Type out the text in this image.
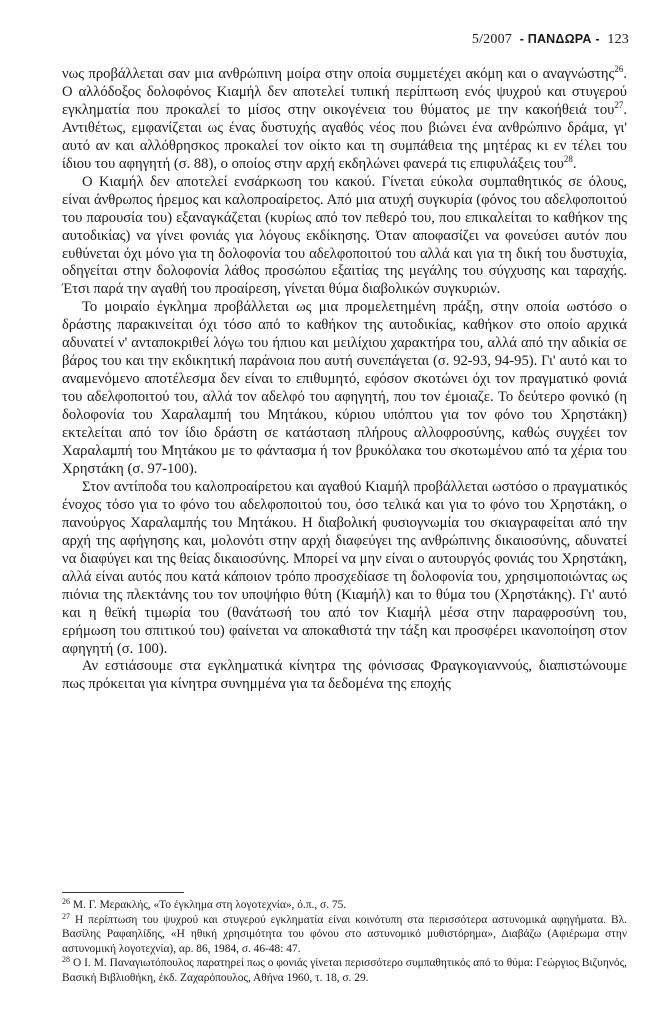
5/2007 - ΠΑΝΔΩΡΑ - 123

νως προβάλλεται σαν μια ανθρώπινη μοίρα στην οποία συμμετέχει ακόμη και ο αναγνώστης$^{26}$. Ο αλλόδοξος δολοφόνος Κιαμήλ δεν αποτελεί τυπική περίπτωση ενός ψυχρού και στυγερού εγκληματία που προκαλεί το μίσος στην οικογένεια του θύματος με την κακοήθειά του$^{27}$. Αντιθέτως, εμφανίζεται ως ένας δυστυχής αγαθός νέος που βιώνει ένα ανθρώπινο δράμα, γι' αυτό αν και αλλόθρησκος προκαλεί τον οίκτο και τη συμπάθεια της μητέρας κι εν τέλει του ίδιου του αφηγητή (σ. 88), ο οποίος στην αρχή εκδηλώνει φανερά τις επιφυλάξεις του$^{28}$.

Ο Κιαμήλ δεν αποτελεί ενσάρκωση του κακού. Γίνεται εύκολα συμπαθητικός σε όλους, είναι άνθρωπος ήρεμος και καλοπροαίρετος. Από μια ατυχή συγκυρία (φόνος του αδελφοποιτού του παρουσία του) εξαναγκάζεται (κυρίως από τον πεθερό του, που επικαλείται το καθήκον της αυτοδικίας) να γίνει φονιάς για λόγους εκδίκησης. Όταν αποφασίζει να φονεύσει αυτόν που ευθύνεται όχι μόνο για τη δολοφονία του αδελφοποιτού του αλλά και για τη δική του δυστυχία, οδηγείται στην δολοφονία λάθος προσώπου εξαιτίας της μεγάλης του σύγχυσης και ταραχής. Έτσι παρά την αγαθή του προαίρεση, γίνεται θύμα διαβολικών συγκυριών.

Το μοιραίο έγκλημα προβάλλεται ως μια προμελετημένη πράξη, στην οποία ωστόσο ο δράστης παρακινείται όχι τόσο από το καθήκον της αυτοδικίας, καθήκον στο οποίο αρχικά αδυνατεί ν' ανταποκριθεί λόγω του ήπιου και μειλίχιου χαρακτήρα του, αλλά από την αδικία σε βάρος του και την εκδικητική παράνοια που αυτή συνεπάγεται (σ. 92-93, 94-95). Γι' αυτό και το αναμενόμενο αποτέλεσμα δεν είναι το επιθυμητό, εφόσον σκοτώνει όχι τον πραγματικό φονιά του αδελφοποιτού του, αλλά τον αδελφό του αφηγητή, που τον έμοιαζε. Το δεύτερο φονικό (η δολοφονία του Χαραλαμπή του Μητάκου, κύριου υπόπτου για τον φόνο του Χρηστάκη) εκτελείται από τον ίδιο δράστη σε κατάσταση πλήρους αλλοφροσύνης, καθώς συγχέει τον Χαραλαμπή του Μητάκου με το φάντασμα ή τον βρυκόλακα του σκοτωμένου από τα χέρια του Χρηστάκη (σ. 97-100).

Στον αντίποδα του καλοπροαίρετου και αγαθού Κιαμήλ προβάλλεται ωστόσο ο πραγματικός ένοχος τόσο για το φόνο του αδελφοποιτού του, όσο τελικά και για το φόνο του Χρηστάκη, ο πανούργος Χαραλαμπής του Μητάκου. Η διαβολική φυσιογνωμία του σκιαγραφείται από την αρχή της αφήγησης και, μολονότι στην αρχή διαφεύγει της ανθρώπινης δικαιοσύνης, αδυνατεί να διαφύγει και της θείας δικαιοσύνης. Μπορεί να μην είναι ο αυτουργός φονιάς του Χρηστάκη, αλλά είναι αυτός που κατά κάποιον τρόπο προσχεδίασε τη δολοφονία του, χρησιμοποιώντας ως πιόνια της πλεκτάνης του τον υποψήφιο θύτη (Κιαμήλ) και το θύμα του (Χρηστάκης). Γι' αυτό και η θεϊκή τιμωρία του (θανάτωσή του από τον Κιαμήλ μέσα στην παραφροσύνη του, ερήμωση του σπιτικού του) φαίνεται να αποκαθιστά την τάξη και προσφέρει ικανοποίηση στον αφηγητή (σ. 100).

Αν εστιάσουμε στα εγκληματικά κίνητρα της φόνισσας Φραγκογιαννούς, διαπιστώνουμε πως πρόκειται για κίνητρα συνημμένα για τα δεδομένα της εποχής

$^{26}$ Μ. Γ. Μερακλής, «Το έγκλημα στη λογοτεχνία», ό.π., σ. 75.

$^{27}$ Η περίπτωση του ψυχρού και στυγερού εγκληματία είναι κοινότυπη στα περισσότερα αστυνομικά αφηγήματα. Βλ. Βασίλης Ραφαηλίδης, «Η ηθική χρησιμότητα του φόνου στο αστυνομικό μυθιστόρημα», Διαβάζω (Αφιέρωμα στην αστυνομική λογοτεχνία), αρ. 86, 1984, σ. 46-48: 47.

$^{28}$ Ο Ι. Μ. Παναγιωτόπουλος παρατηρεί πως ο φονιάς γίνεται περισσότερο συμπαθητικός από το θύμα: Γεώργιος Βιζυηνός, Βασική Βιβλιοθήκη, έκδ. Ζαχαρόπουλος, Αθήνα 1960, τ. 18, σ. 29.
